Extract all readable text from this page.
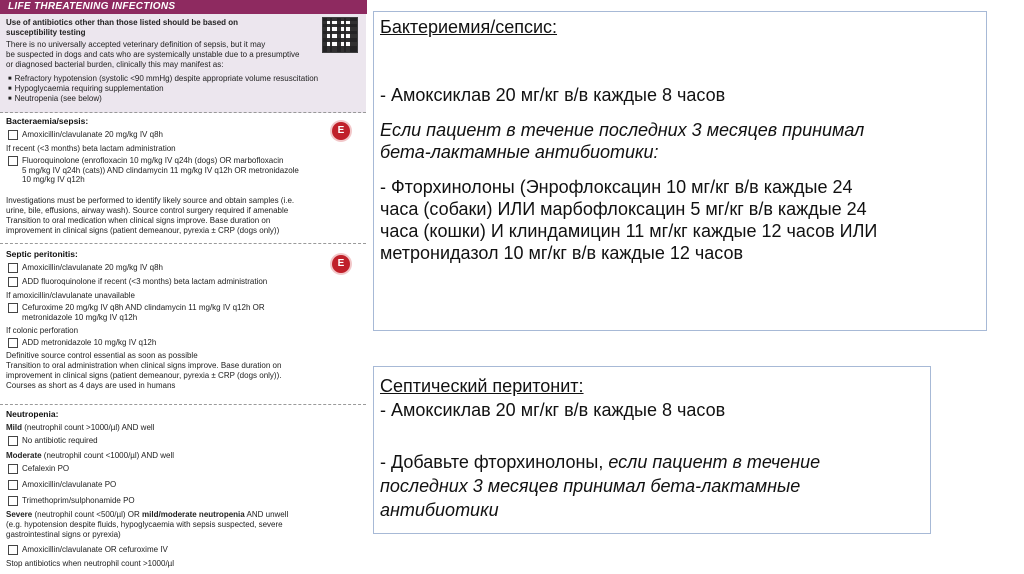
LIFE THREATENING INFECTIONS
Use of antibiotics other than those listed should be based on
susceptibility testing
There is no universally accepted veterinary definition of sepsis, but it may
be suspected in dogs and cats who are systemically unstable due to a presumptive
or diagnosed bacterial burden, clinically this may manifest as:
■ Refractory hypotension (systolic <90 mmHg) despite appropriate volume resuscitation
■ Hypoglycaemia requiring supplementation
■ Neutropenia (see below)
Bacteraemia/sepsis:
E
Amoxicillin/clavulanate 20 mg/kg IV q8h
If recent (<3 months) beta lactam administration
Fluoroquinolone (enrofloxacin 10 mg/kg IV q24h (dogs) OR marbofloxacin
5 mg/kg IV q24h (cats)) AND clindamycin 11 mg/kg IV q12h OR metronidazole
10 mg/kg IV q12h
Investigations must be performed to identify likely source and obtain samples (i.e.
urine, bile, effusions, airway wash). Source control surgery required if amenable
Transition to oral medication when clinical signs improve. Base duration on
improvement in clinical signs (patient demeanour, pyrexia ± CRP (dogs only))
Septic peritonitis:
E
Amoxicillin/clavulanate 20 mg/kg IV q8h
ADD fluoroquinolone if recent (<3 months) beta lactam administration
If amoxicillin/clavulanate unavailable
Cefuroxime 20 mg/kg IV q8h AND clindamycin 11 mg/kg IV q12h OR
metronidazole 10 mg/kg IV q12h
If colonic perforation
ADD metronidazole 10 mg/kg IV q12h
Definitive source control essential as soon as possible
Transition to oral administration when clinical signs improve. Base duration on
improvement in clinical signs (patient demeanour, pyrexia ± CRP (dogs only)).
Courses as short as 4 days are used in humans
Neutropenia:
Mild (neutrophil count >1000/µl) AND well
No antibiotic required
Moderate (neutrophil count <1000/µl) AND well
Cefalexin PO
Amoxicillin/clavulanate PO
Trimethoprim/sulphonamide PO
Severe (neutrophil count <500/µl) OR mild/moderate neutropenia AND unwell
(e.g. hypotension despite fluids, hypoglycaemia with sepsis suspected, severe
gastrointestinal signs or pyrexia)
Amoxicillin/clavulanate OR cefuroxime IV
Stop antibiotics when neutrophil count >1000/µl
Бактериемия/сепсис:
- Амоксиклав 20 мг/кг в/в каждые 8 часов
Если пациент в течение последних 3 месяцев принимал
бета-лактамные антибиотики:
- Фторхинолоны (Энрофлоксацин 10 мг/кг в/в каждые 24
часа (собаки) ИЛИ марбофлоксацин 5 мг/кг в/в каждые 24
часа (кошки) И клиндамицин 11 мг/кг каждые 12 часов ИЛИ
метронидазол 10 мг/кг в/в каждые 12 часов
Септический перитонит:
- Амоксиклав 20 мг/кг в/в каждые 8 часов
- Добавьте фторхинолоны, если пациент в течение
последних 3 месяцев принимал бета-лактамные
антибиотики
